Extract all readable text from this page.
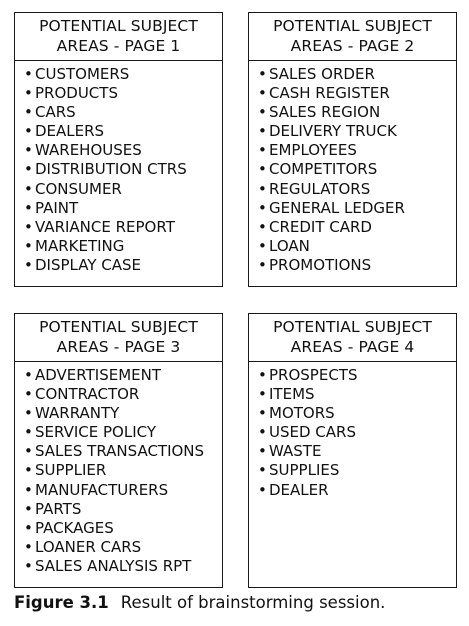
POTENTIAL SUBJECT
AREAS - PAGE 1
• CUSTOMERS
• PRODUCTS
• CARS
• DEALERS
• WAREHOUSES
• DISTRIBUTION CTRS
• CONSUMER
• PAINT
• VARIANCE REPORT
• MARKETING
• DISPLAY CASE
POTENTIAL SUBJECT
AREAS - PAGE 2
• SALES ORDER
• CASH REGISTER
• SALES REGION
• DELIVERY TRUCK
• EMPLOYEES
• COMPETITORS
• REGULATORS
• GENERAL LEDGER
• CREDIT CARD
• LOAN
• PROMOTIONS
POTENTIAL SUBJECT
AREAS - PAGE 3
• ADVERTISEMENT
• CONTRACTOR
• WARRANTY
• SERVICE POLICY
• SALES TRANSACTIONS
• SUPPLIER
• MANUFACTURERS
• PARTS
• PACKAGES
• LOANER CARS
• SALES ANALYSIS RPT
POTENTIAL SUBJECT
AREAS - PAGE 4
• PROSPECTS
• ITEMS
• MOTORS
• USED CARS
• WASTE
• SUPPLIES
• DEALER
Figure 3.1 Result of brainstorming session.
